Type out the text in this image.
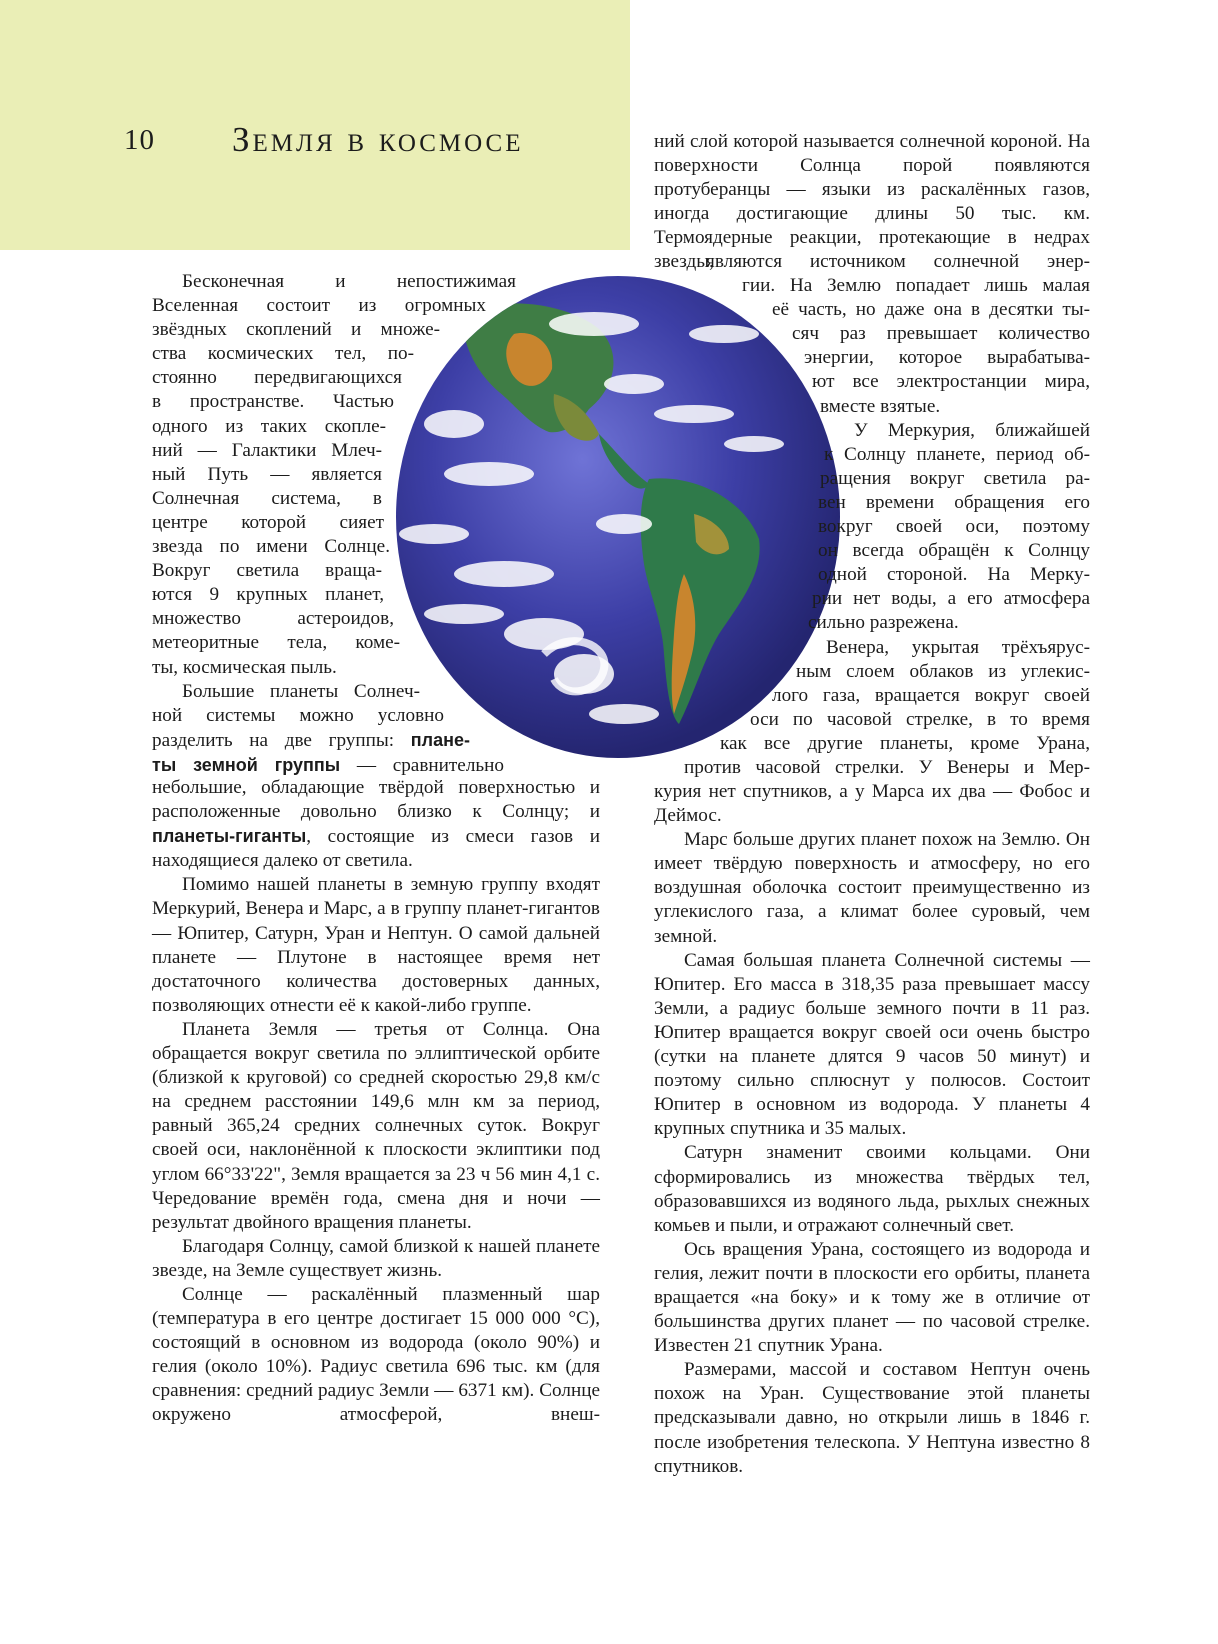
10 Земля в космосе
Бесконечная и непостижимая
Вселенная состоит из огромных
звёздных скоплений и множе-
ства космических тел, по-
стоянно передвигающихся
в пространстве. Частью
одного из таких скопле-
ний — Галактики Млеч-
ный Путь — является
Солнечная система, в
центре которой сияет
звезда по имени Солнце.
Вокруг светила враща-
ются 9 крупных планет,
множество астероидов,
метеоритные тела, коме-
ты, космическая пыль.
Большие планеты Солнеч-
ной системы можно условно
разделить на две группы: плане-
ты земной группы — сравнительно

небольшие, обладающие твёрдой поверхностью и расположенные довольно близко к Солнцу; и планеты-гиганты, состоящие из смеси газов и находящиеся далеко от светила.

Помимо нашей планеты в земную группу входят Меркурий, Венера и Марс, а в группу планет-гигантов — Юпитер, Сатурн, Уран и Нептун. О самой дальней планете — Плутоне в настоящее время нет достаточного количества достоверных данных, позволяющих отнести её к какой-либо группе.

Планета Земля — третья от Солнца. Она обращается вокруг светила по эллиптической орбите (близкой к круговой) со средней скоростью 29,8 км/с на среднем расстоянии 149,6 млн км за период, равный 365,24 средних солнечных суток. Вокруг своей оси, наклонённой к плоскости эклиптики под углом 66°33'22", Земля вращается за 23 ч 56 мин 4,1 с. Чередование времён года, смена дня и ночи — результат двойного вращения планеты.

Благодаря Солнцу, самой близкой к нашей планете звезде, на Земле существует жизнь.

Солнце — раскалённый плазменный шар (температура в его центре достигает 15 000 000 °С), состоящий в основном из водорода (около 90%) и гелия (около 10%). Радиус светила 696 тыс. км (для сравнения: средний радиус Земли — 6371 км). Солнце окружено атмосферой, внеш-

ний слой которой называется солнечной короной. На поверхности Солнца порой появляются протуберанцы — языки из раскалённых газов, иногда достигающие длины 50 тыс. км. Термоядерные реакции, протекающие в недрах звезды,

являются источником солнечной энер-
гии. На Землю попадает лишь малая
её часть, но даже она в десятки ты-
сяч раз превышает количество
энергии, которое вырабатыва-
ют все электростанции мира,
вместе взятые.
У Меркурия, ближайшей
к Солнцу планете, период об-
ращения вокруг светила ра-
вен времени обращения его
вокруг своей оси, поэтому
он всегда обращён к Солнцу
одной стороной. На Мерку-
рии нет воды, а его атмосфера
сильно разрежена.
Венера, укрытая трёхъярус-
ным слоем облаков из углекис-
лого газа, вращается вокруг своей
оси по часовой стрелке, в то время
как все другие планеты, кроме Урана,
против часовой стрелки. У Венеры и Мер-

курия нет спутников, а у Марса их два — Фобос и Деймос.

Марс больше других планет похож на Землю. Он имеет твёрдую поверхность и атмосферу, но его воздушная оболочка состоит преимущественно из углекислого газа, а климат более суровый, чем земной.

Самая большая планета Солнечной системы — Юпитер. Его масса в 318,35 раза превышает массу Земли, а радиус больше земного почти в 11 раз. Юпитер вращается вокруг своей оси очень быстро (сутки на планете длятся 9 часов 50 минут) и поэтому сильно сплюснут у полюсов. Состоит Юпитер в основном из водорода. У планеты 4 крупных спутника и 35 малых.

Сатурн знаменит своими кольцами. Они сформировались из множества твёрдых тел, образовавшихся из водяного льда, рыхлых снежных комьев и пыли, и отражают солнечный свет.

Ось вращения Урана, состоящего из водорода и гелия, лежит почти в плоскости его орбиты, планета вращается «на боку» и к тому же в отличие от большинства других планет — по часовой стрелке. Известен 21 спутник Урана.

Размерами, массой и составом Нептун очень похож на Уран. Существование этой планеты предсказывали давно, но открыли лишь в 1846 г. после изобретения телескопа. У Нептуна известно 8 спутников.
